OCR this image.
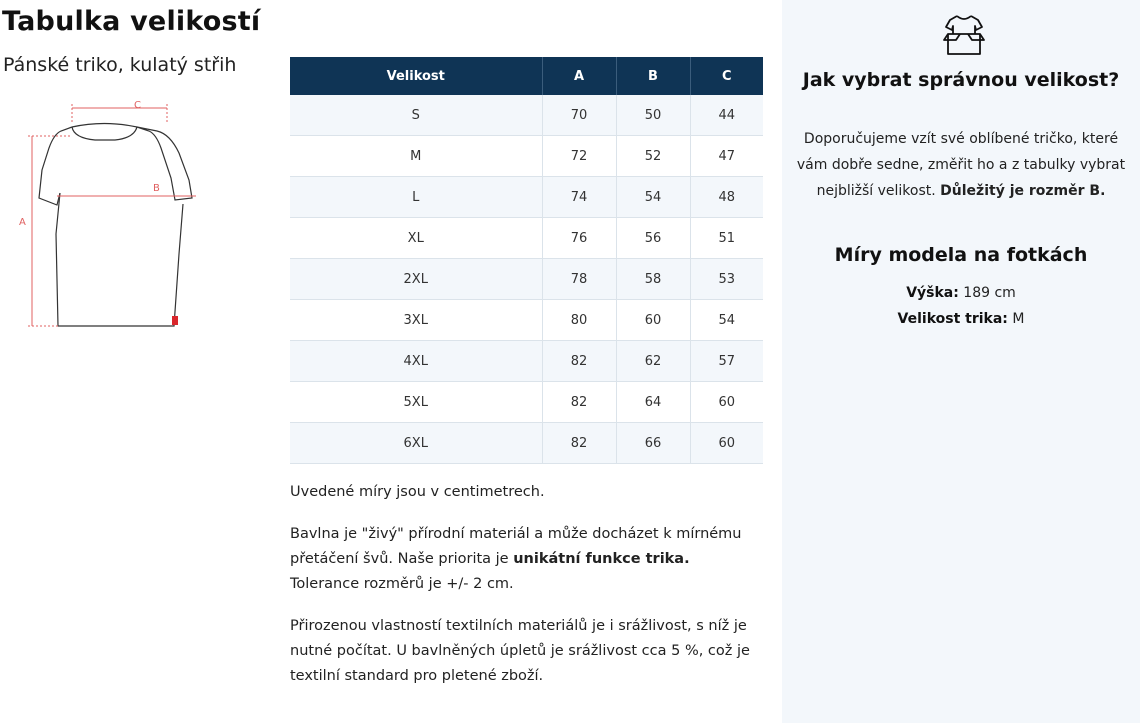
Tabulka velikostí
Pánské triko, kulatý střih
C
B
A
Velikost	A	B	C
S	70	50	44
M	72	52	47
L	74	54	48
XL	76	56	51
2XL	78	58	53
3XL	80	60	54
4XL	82	62	57
5XL	82	64	60
6XL	82	66	60

Uvedené míry jsou v centimetrech.

Bavlna je "živý" přírodní materiál a může docházet k mírnému přetáčení švů. Naše priorita je unikátní funkce trika.
Tolerance rozměrů je +/- 2 cm.

Přirozenou vlastností textilních materiálů je i srážlivost, s níž je nutné počítat. U bavlněných úpletů je srážlivost cca 5 %, což je textilní standard pro pletené zboží.

Jak vybrat správnou velikost?

Doporučujeme vzít své oblíbené tričko, které vám dobře sedne, změřit ho a z tabulky vybrat nejbližší velikost. Důležitý je rozměr B.

Míry modela na fotkách

Výška: 189 cm

Velikost trika: M
